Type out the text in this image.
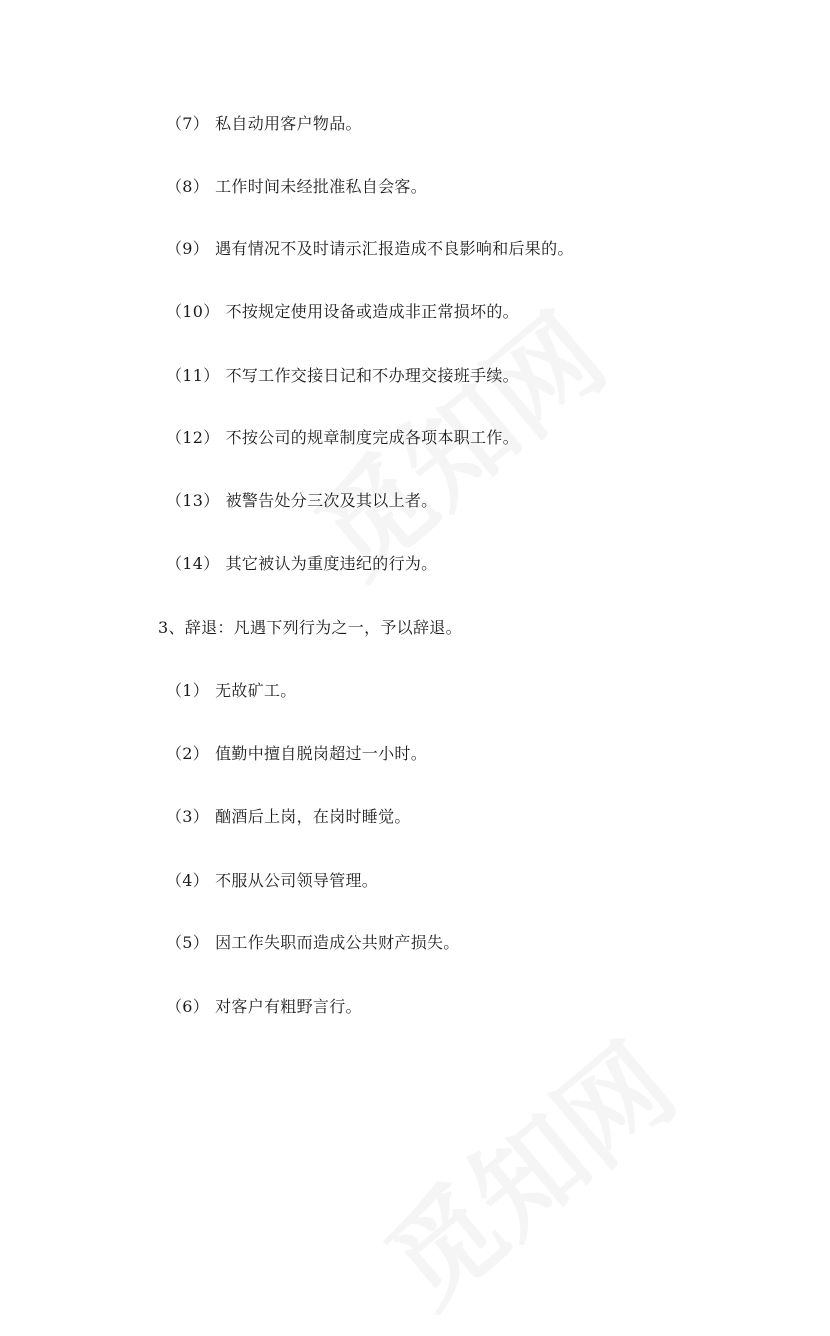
（7） 私自动用客户物品。
（8） 工作时间未经批准私自会客。
（9） 遇有情况不及时请示汇报造成不良影响和后果的。
（10） 不按规定使用设备或造成非正常损坏的。
（11） 不写工作交接日记和不办理交接班手续。
（12） 不按公司的规章制度完成各项本职工作。
（13） 被警告处分三次及其以上者。
（14） 其它被认为重度违纪的行为。
3、辞退：凡遇下列行为之一，予以辞退。
（1） 无故矿工。
（2） 值勤中擅自脱岗超过一小时。
（3） 酗酒后上岗，在岗时睡觉。
（4） 不服从公司领导管理。
（5） 因工作失职而造成公共财产损失。
（6） 对客户有粗野言行。
